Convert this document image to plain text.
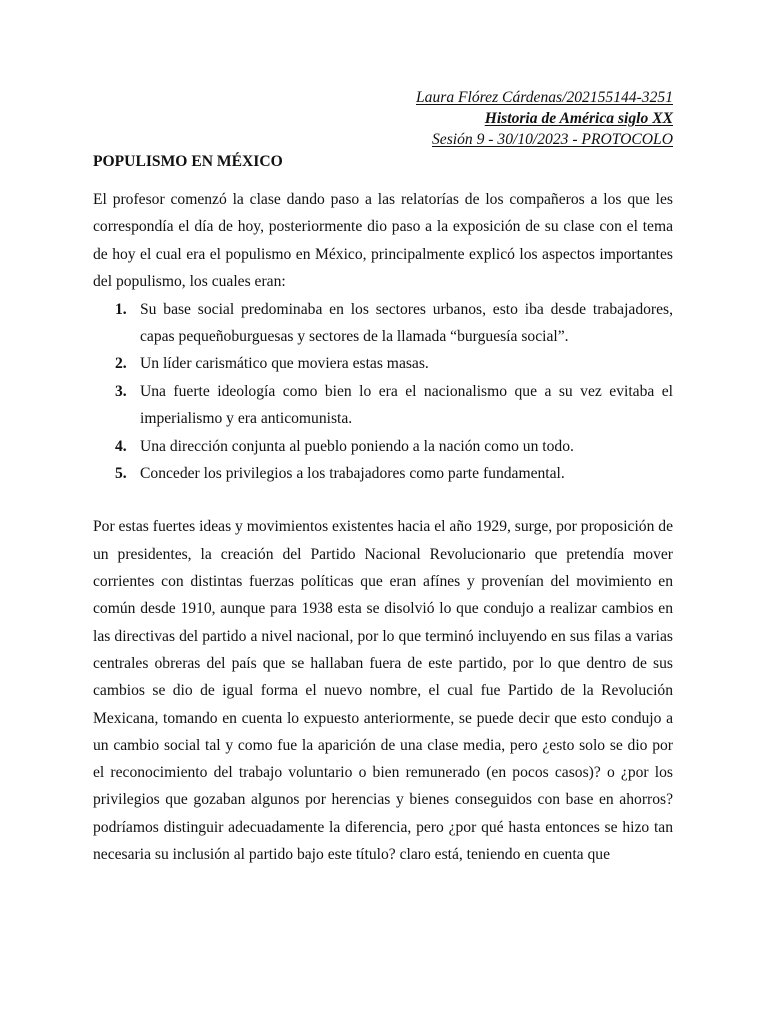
Laura Flórez Cárdenas/202155144-3251
Historia de América siglo XX
Sesión 9 - 30/10/2023 - PROTOCOLO
POPULISMO EN MÉXICO

El profesor comenzó la clase dando paso a las relatorías de los compañeros a los que les correspondía el día de hoy, posteriormente dio paso a la exposición de su clase con el tema de hoy el cual era el populismo en México, principalmente explicó los aspectos importantes del populismo, los cuales eran:

1. Su base social predominaba en los sectores urbanos, esto iba desde trabajadores, capas pequeñoburguesas y sectores de la llamada “burguesía social”.
2. Un líder carismático que moviera estas masas.
3. Una fuerte ideología como bien lo era el nacionalismo que a su vez evitaba el imperialismo y era anticomunista.
4. Una dirección conjunta al pueblo poniendo a la nación como un todo.
5. Conceder los privilegios a los trabajadores como parte fundamental.

Por estas fuertes ideas y movimientos existentes hacia el año 1929, surge, por proposición de un presidentes, la creación del Partido Nacional Revolucionario que pretendía mover corrientes con distintas fuerzas políticas que eran afínes y provenían del movimiento en común desde 1910, aunque para 1938 esta se disolvió lo que condujo a realizar cambios en las directivas del partido a nivel nacional, por lo que terminó incluyendo en sus filas a varias centrales obreras del país que se hallaban fuera de este partido, por lo que dentro de sus cambios se dio de igual forma el nuevo nombre, el cual fue Partido de la Revolución Mexicana, tomando en cuenta lo expuesto anteriormente, se puede decir que esto condujo a un cambio social tal y como fue la aparición de una clase media, pero ¿esto solo se dio por el reconocimiento del trabajo voluntario o bien remunerado (en pocos casos)? o ¿por los privilegios que gozaban algunos por herencias y bienes conseguidos con base en ahorros? podríamos distinguir adecuadamente la diferencia, pero ¿por qué hasta entonces se hizo tan necesaria su inclusión al partido bajo este título? claro está, teniendo en cuenta que
